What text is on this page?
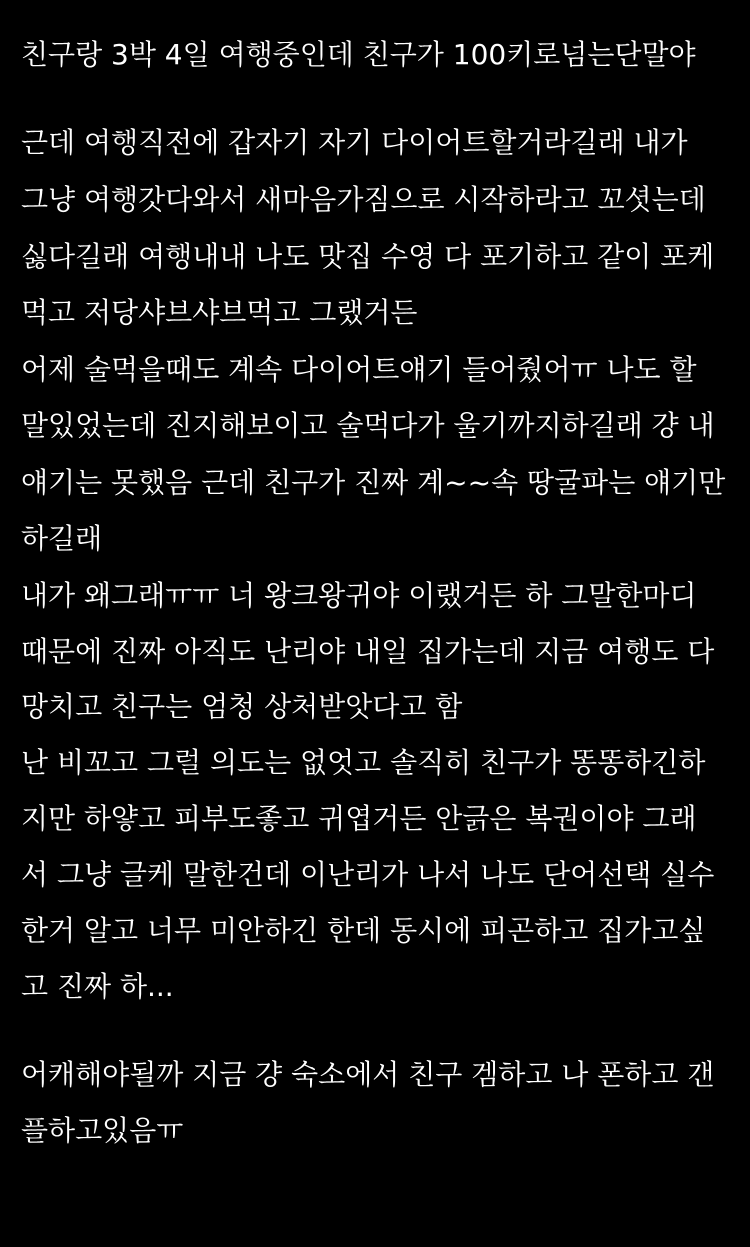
친구랑 3박 4일 여행중인데 친구가 100키로넘는단말야
근데 여행직전에 갑자기 자기 다이어트할거라길래 내가
그냥 여행갓다와서 새마음가짐으로 시작하라고 꼬셧는데
싫다길래 여행내내 나도 맛집 수영 다 포기하고 같이 포케
먹고 저당샤브샤브먹고 그랬거든
어제 술먹을때도 계속 다이어트얘기 들어줬어ㅠ 나도 할
말있었는데 진지해보이고 술먹다가 울기까지하길래 걍 내
얘기는 못했음 근데 친구가 진짜 계~~속 땅굴파는 얘기만
하길래
내가 왜그래ㅠㅠ 너 왕크왕귀야 이랬거든 하 그말한마디
때문에 진짜 아직도 난리야 내일 집가는데 지금 여행도 다
망치고 친구는 엄청 상처받앗다고 함
난 비꼬고 그럴 의도는 없엇고 솔직히 친구가 똥똥하긴하
지만 하얗고 피부도좋고 귀엽거든 안긁은 복권이야 그래
서 그냥 글케 말한건데 이난리가 나서 나도 단어선택 실수
한거 알고 너무 미안하긴 한데 동시에 피곤하고 집가고싶
고 진짜 하...
어캐해야될까 지금 걍 숙소에서 친구 겜하고 나 폰하고 갠
플하고있음ㅠ
